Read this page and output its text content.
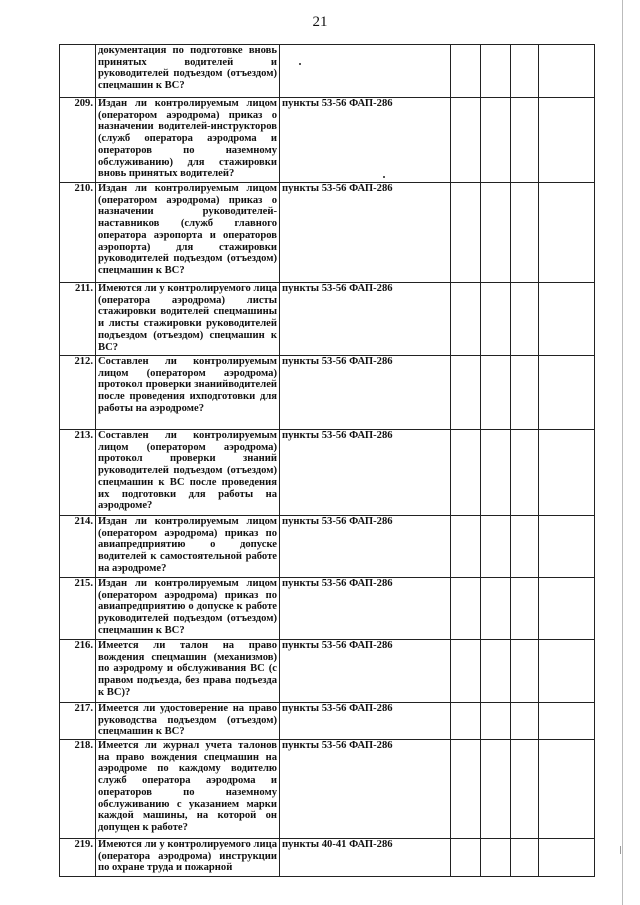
21
	документация по подготовке вновь принятых водителей и руководителей подъездом (отъездом) спецмашин к ВС?					
209.	Издан ли контролируемым лицом (оператором аэродрома) приказ о назначении водителей-инструкторов (служб оператора аэродрома и операторов по наземному обслуживанию) для стажировки вновь принятых водителей?	пункты 53-56 ФАП-286				
210.	Издан ли контролируемым лицом (оператором аэродрома) приказ о назначении руководителей-наставников (служб главного оператора аэропорта и операторов аэропорта) для стажировки руководителей подъездом (отъездом) спецмашин к ВС?	пункты 53-56 ФАП-286				
211.	Имеются ли у контролируемого лица (оператора аэродрома) листы стажировки водителей спецмашины и листы стажировки руководителей подъездом (отъездом) спецмашин к ВС?	пункты 53-56 ФАП-286				
212.	Составлен ли контролируемым лицом (оператором аэродрома) протокол проверки знанийводителей после проведения ихподготовки для работы на аэродроме?	пункты 53-56 ФАП-286				
213.	Составлен ли контролируемым лицом (оператором аэродрома) протокол проверки знаний руководителей подъездом (отъездом) спецмашин к ВС после проведения их подготовки для работы на аэродроме?	пункты 53-56 ФАП-286				
214.	Издан ли контролируемым лицом (оператором аэродрома) приказ по авиапредприятию о допуске водителей к самостоятельной работе на аэродроме?	пункты 53-56 ФАП-286				
215.	Издан ли контролируемым лицом (оператором аэродрома) приказ по авиапредприятию о допуске к работе руководителей подъездом (отъездом) спецмашин к ВС?	пункты 53-56 ФАП-286				
216.	Имеется ли талон на право вождения спецмашин (механизмов) по аэродрому и обслуживания ВС (с правом подъезда, без права подъезда к ВС)?	пункты 53-56 ФАП-286				
217.	Имеется ли удостоверение на право руководства подъездом (отъездом) спецмашин к ВС?	пункты 53-56 ФАП-286				
218.	Имеется ли журнал учета талонов на право вождения спецмашин на аэродроме по каждому водителю служб оператора аэродрома и операторов по наземному обслуживанию с указанием марки каждой машины, на которой он допущен к работе?	пункты 53-56 ФАП-286				
219.	Имеются ли у контролируемого лица (оператора аэродрома) инструкции по охране труда и пожарной	пункты 40-41 ФАП-286				
